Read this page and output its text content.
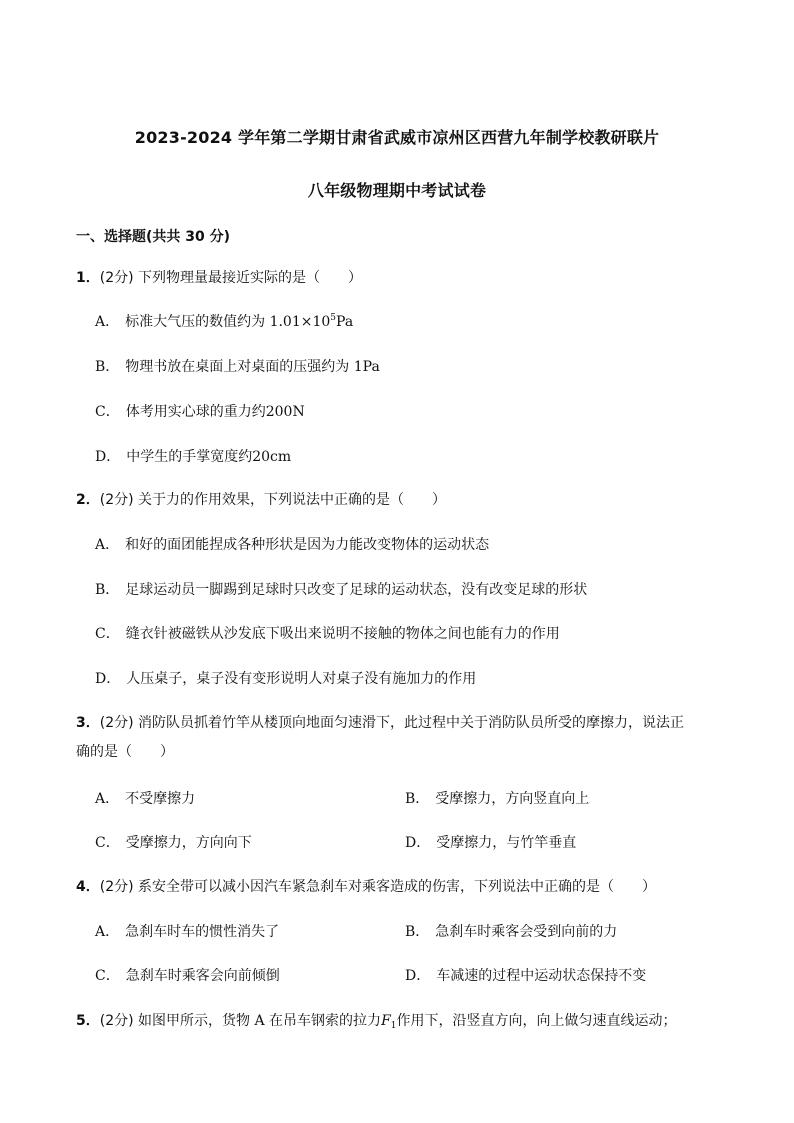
2023-2024 学年第二学期甘肃省武威市凉州区西营九年制学校教研联片
八年级物理期中考试试卷
一、选择题(共共 30 分)
1．(2分) 下列物理量最接近实际的是（　　）
A． 标准大气压的数值约为 $1.01\times 10^5Pa$
B． 物理书放在桌面上对桌面的压强约为 1Pa
C． 体考用实心球的重力约200N
D． 中学生的手掌宽度约20cm
2．(2分) 关于力的作用效果，下列说法中正确的是（　　）
A． 和好的面团能捏成各种形状是因为力能改变物体的运动状态
B． 足球运动员一脚踢到足球时只改变了足球的运动状态，没有改变足球的形状
C． 缝衣针被磁铁从沙发底下吸出来说明不接触的物体之间也能有力的作用
D． 人压桌子，桌子没有变形说明人对桌子没有施加力的作用
3．(2分) 消防队员抓着竹竿从楼顶向地面匀速滑下，此过程中关于消防队员所受的摩擦力，说法正
确的是（　　）
A． 不受摩擦力	B． 受摩擦力，方向竖直向上
C． 受摩擦力，方向向下	D． 受摩擦力，与竹竿垂直
4．(2分) 系安全带可以减小因汽车紧急刹车对乘客造成的伤害，下列说法中正确的是（　　）
A． 急刹车时车的惯性消失了	B． 急刹车时乘客会受到向前的力
C． 急刹车时乘客会向前倾倒	D． 车减速的过程中运动状态保持不变
5．(2分) 如图甲所示，货物 A 在吊车钢索的拉力$F_1$作用下，沿竖直方向，向上做匀速直线运动；
